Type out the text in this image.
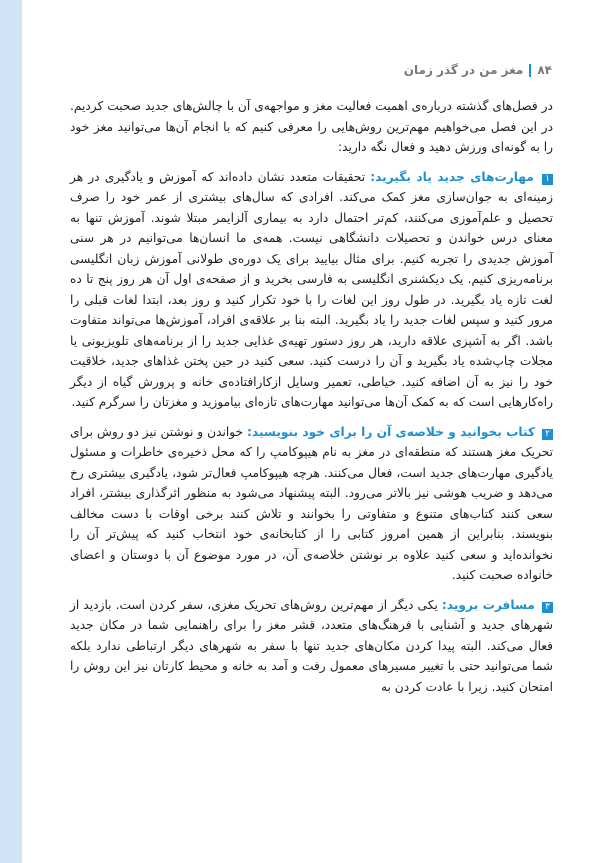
۸۴
مغز من در گذر زمان

در فصل‌های گذشته درباره‌ی اهمیت فعالیت مغز و مواجهه‌ی آن با چالش‌های جدید صحبت کردیم. در این فصل می‌خواهیم مهم‌ترین روش‌هایی را معرفی کنیم که با انجام آن‌ها می‌توانید مغز خود را به گونه‌ای ورزش دهید و فعال نگه دارید:

۱ مهارت‌های جدید یاد بگیرید: تحقیقات متعدد نشان داده‌اند که آموزش و یادگیری در هر زمینه‌ای به جوان‌سازی مغز کمک می‌کند. افرادی که سال‌های بیشتری از عمر خود را صرف تحصیل و علم‌آموزی می‌کنند، کم‌تر احتمال دارد به بیماری آلزایمر مبتلا شوند. آموزش تنها به معنای درس خواندن و تحصیلات دانشگاهی نیست. همه‌ی ما انسان‌ها می‌توانیم در هر سنی آموزش جدیدی را تجربه کنیم. برای مثال بیایید برای یک دوره‌ی طولانی آموزش زبان انگلیسی برنامه‌ریزی کنیم. یک دیکشنری انگلیسی به فارسی بخرید و از صفحه‌ی اول آن هر روز پنج تا ده لغت تازه یاد بگیرید. در طول روز این لغات را با خود تکرار کنید و روز بعد، ابتدا لغات قبلی را مرور کنید و سپس لغات جدید را یاد بگیرید. البته بنا بر علاقه‌ی افراد، آموزش‌ها می‌تواند متفاوت باشد. اگر به آشپزی علاقه دارید، هر روز دستور تهیه‌ی غذایی جدید را از برنامه‌های تلویزیونی یا مجلات چاپ‌شده یاد بگیرید و آن را درست کنید. سعی کنید در حین پختن غذاهای جدید، خلاقیت خود را نیز به آن اضافه کنید. خیاطی، تعمیر وسایل ازکارافتاده‌ی خانه و پرورش گیاه از دیگر راه‌کارهایی است که به کمک آن‌ها می‌توانید مهارت‌های تازه‌ای بیاموزید و مغزتان را سرگرم کنید.

۲ کتاب بخوانید و خلاصه‌ی آن را برای خود بنویسید: خواندن و نوشتن نیز دو روش برای تحریک مغز هستند که منطقه‌ای در مغز به نام هیپوکامپ را که محل ذخیره‌ی خاطرات و مسئول یادگیری مهارت‌های جدید است، فعال می‌کنند. هرچه هیپوکامپ فعال‌تر شود، یادگیری بیشتری رخ می‌دهد و ضریب هوشی نیز بالاتر می‌رود. البته پیشنهاد می‌شود به منظور اثرگذاری بیشتر، افراد سعی کنند کتاب‌های متنوع و متفاوتی را بخوانند و تلاش کنند برخی اوقات با دست مخالف بنویسند. بنابراین از همین امروز کتابی را از کتابخانه‌ی خود انتخاب کنید که پیش‌تر آن را نخوانده‌اید و سعی کنید علاوه بر نوشتن خلاصه‌ی آن، در مورد موضوع آن با دوستان و اعضای خانواده صحبت کنید.

۳ مسافرت بروید: یکی دیگر از مهم‌ترین روش‌های تحریک مغزی، سفر کردن است. بازدید از شهرهای جدید و آشنایی با فرهنگ‌های متعدد، قشر مغز را برای راهنمایی شما در مکان جدید فعال می‌کند. البته پیدا کردن مکان‌های جدید تنها با سفر به شهرهای دیگر ارتباطی ندارد بلکه شما می‌توانید حتی با تغییر مسیرهای معمول رفت و آمد به خانه و محیط کارتان نیز این روش را امتحان کنید. زیرا با عادت کردن به
